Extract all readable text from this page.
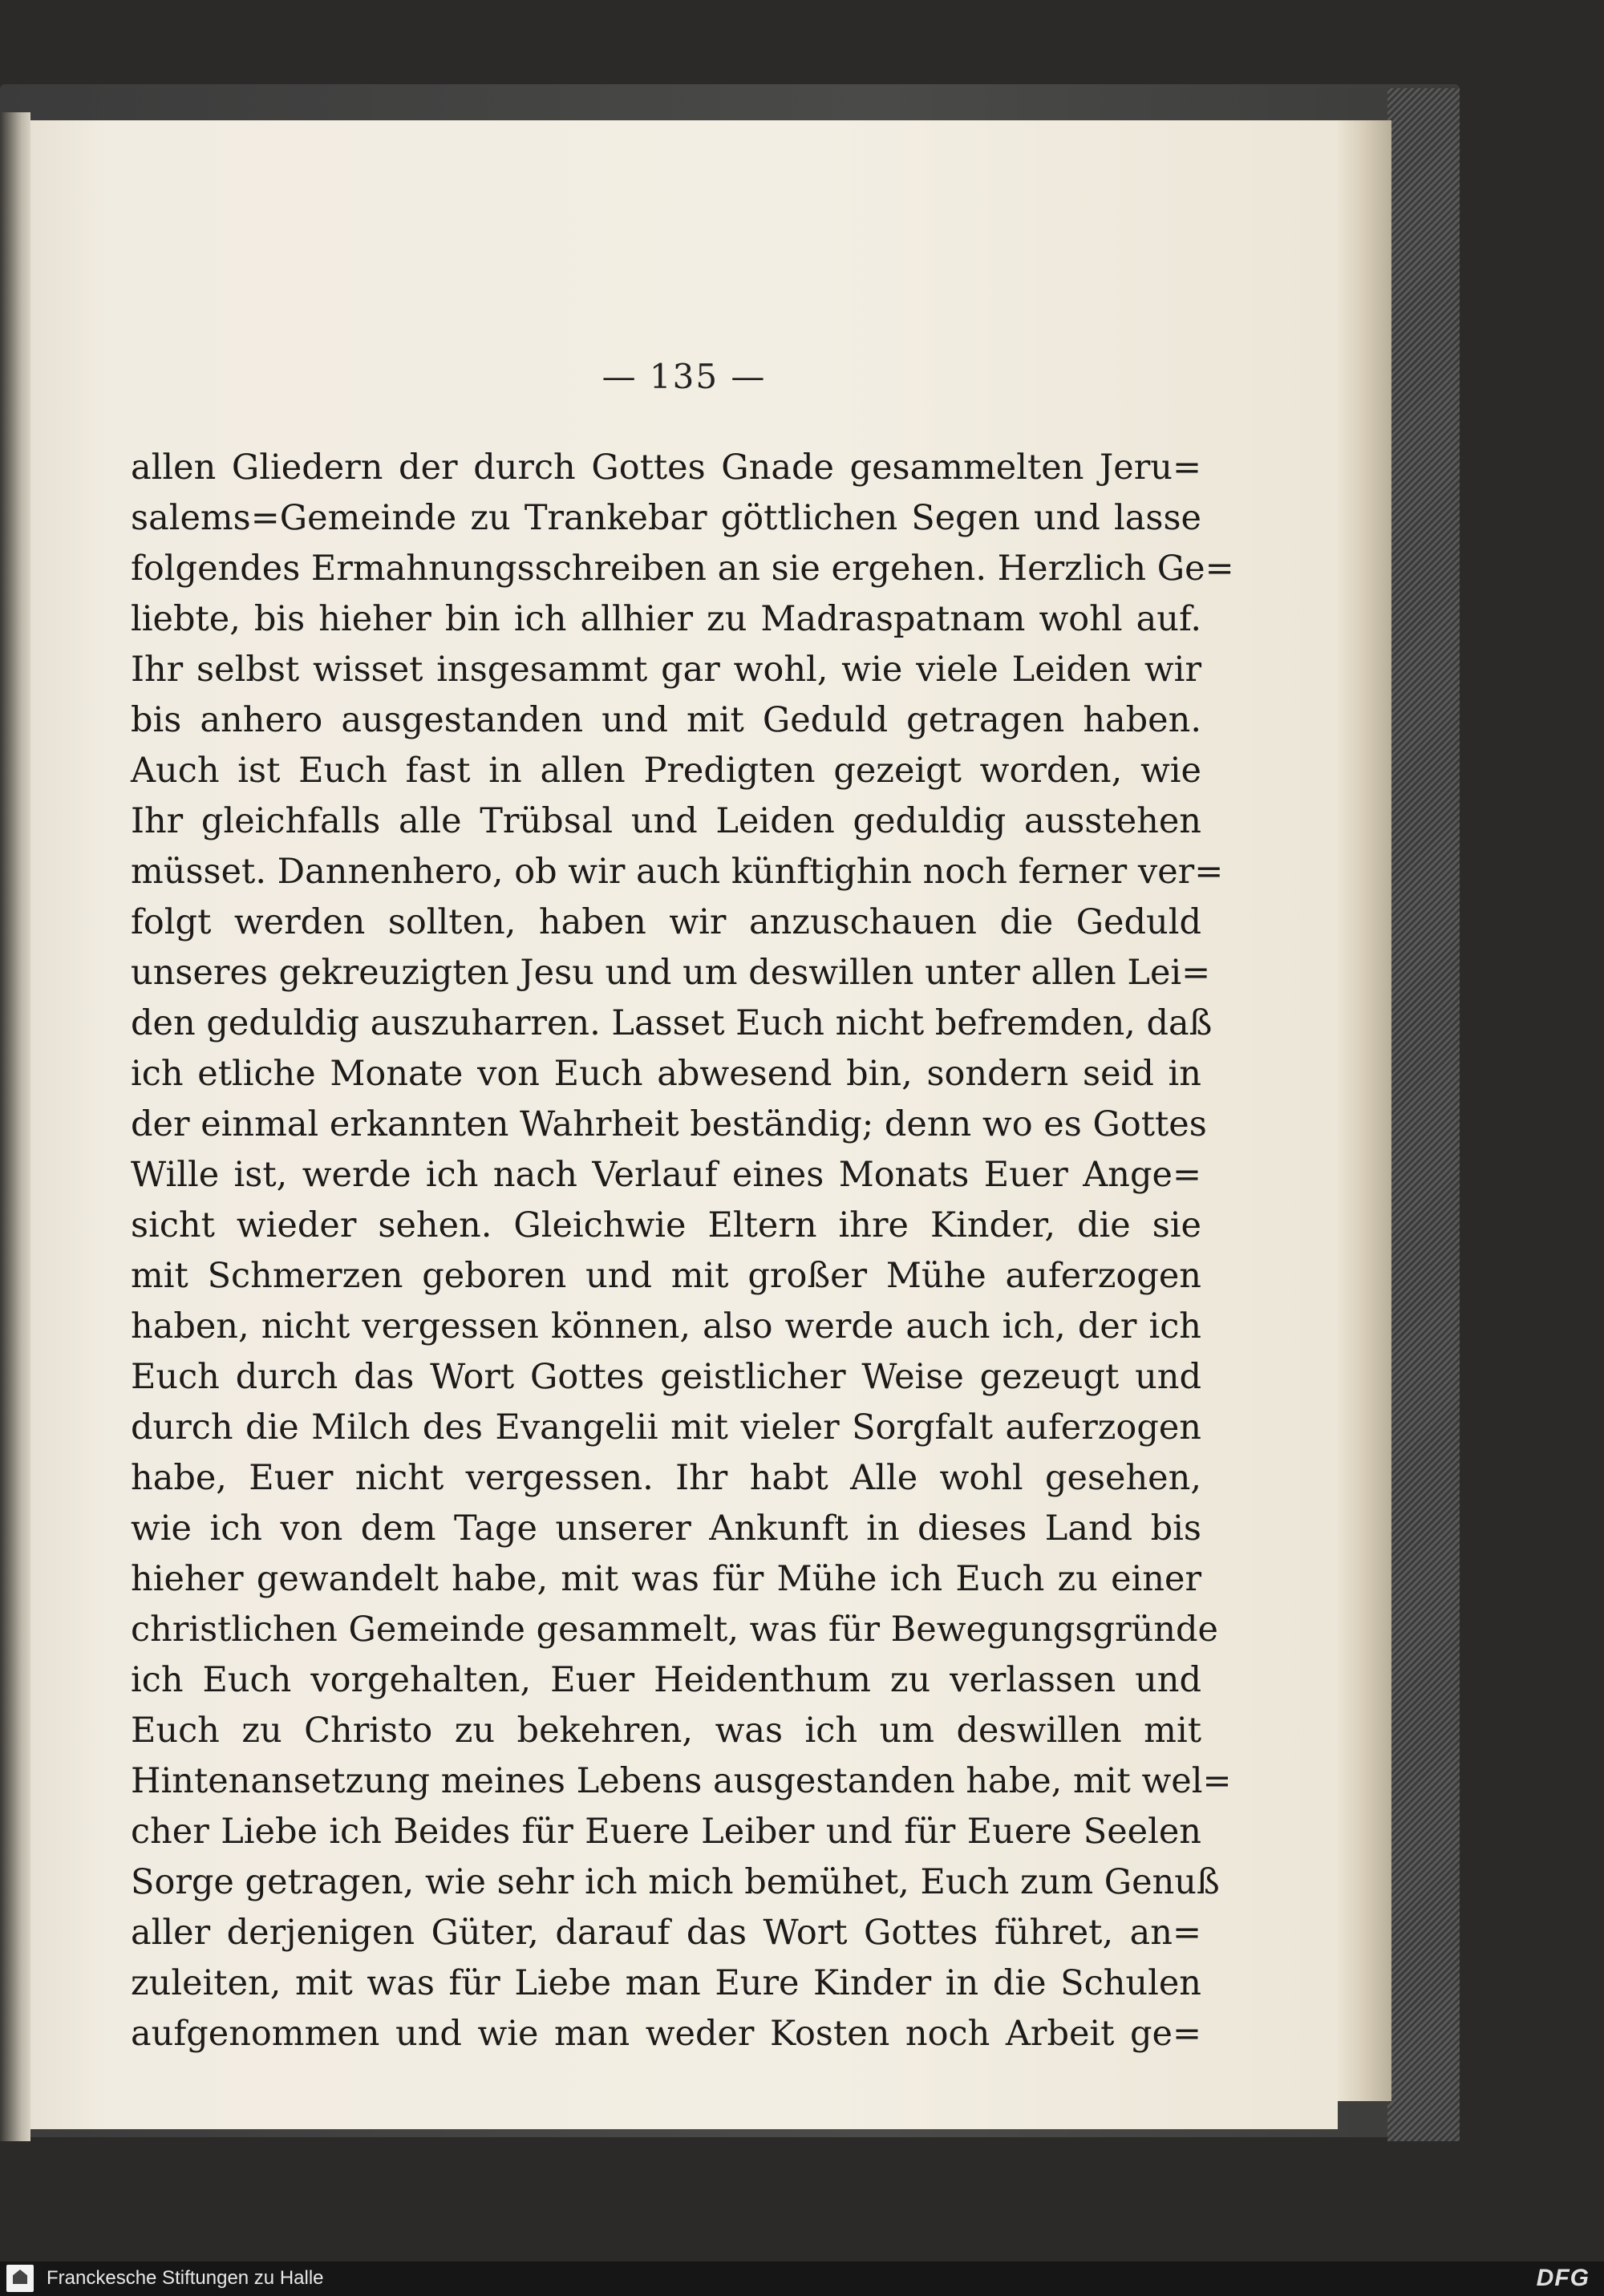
— 135 —
allen Gliedern der durch Gottes Gnade gesammelten Jeru=
salems=Gemeinde zu Trankebar göttlichen Segen und lasse
folgendes Ermahnungsschreiben an sie ergehen. Herzlich Ge=
liebte, bis hieher bin ich allhier zu Madraspatnam wohl auf.
Ihr selbst wisset insgesammt gar wohl, wie viele Leiden wir
bis anhero ausgestanden und mit Geduld getragen haben.
Auch ist Euch fast in allen Predigten gezeigt worden, wie
Ihr gleichfalls alle Trübsal und Leiden geduldig ausstehen
müsset. Dannenhero, ob wir auch künftighin noch ferner ver=
folgt werden sollten, haben wir anzuschauen die Geduld
unseres gekreuzigten Jesu und um deswillen unter allen Lei=
den geduldig auszuharren. Lasset Euch nicht befremden, daß
ich etliche Monate von Euch abwesend bin, sondern seid in
der einmal erkannten Wahrheit beständig; denn wo es Gottes
Wille ist, werde ich nach Verlauf eines Monats Euer Ange=
sicht wieder sehen. Gleichwie Eltern ihre Kinder, die sie
mit Schmerzen geboren und mit großer Mühe auferzogen
haben, nicht vergessen können, also werde auch ich, der ich
Euch durch das Wort Gottes geistlicher Weise gezeugt und
durch die Milch des Evangelii mit vieler Sorgfalt auferzogen
habe, Euer nicht vergessen. Ihr habt Alle wohl gesehen,
wie ich von dem Tage unserer Ankunft in dieses Land bis
hieher gewandelt habe, mit was für Mühe ich Euch zu einer
christlichen Gemeinde gesammelt, was für Bewegungsgründe
ich Euch vorgehalten, Euer Heidenthum zu verlassen und
Euch zu Christo zu bekehren, was ich um deswillen mit
Hintenansetzung meines Lebens ausgestanden habe, mit wel=
cher Liebe ich Beides für Euere Leiber und für Euere Seelen
Sorge getragen, wie sehr ich mich bemühet, Euch zum Genuß
aller derjenigen Güter, darauf das Wort Gottes führet, an=
zuleiten, mit was für Liebe man Eure Kinder in die Schulen
aufgenommen und wie man weder Kosten noch Arbeit ge=
Franckesche Stiftungen zu Halle	DFG
